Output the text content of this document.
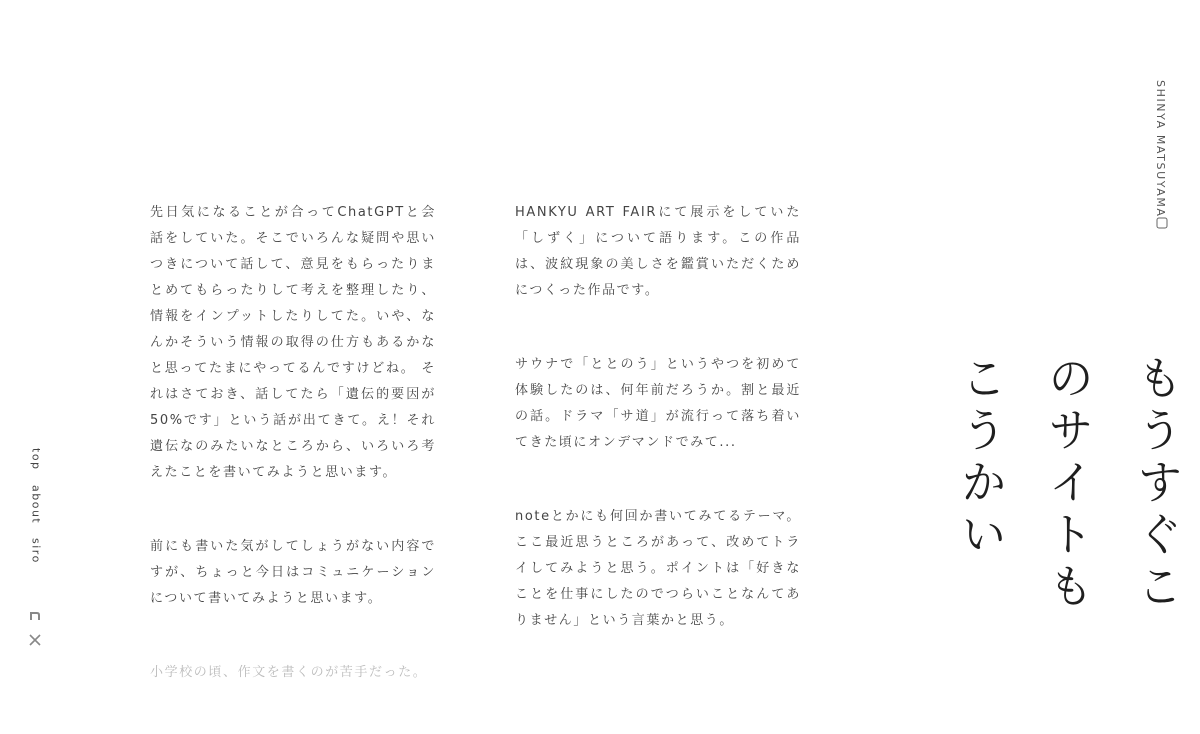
top
about
siro

先日気になることが合ってChatGPTと会話をしていた。そこでいろんな疑問や思いつきについて話して、意見をもらったりまとめてもらったりして考えを整理したり、情報をインプットしたりしてた。いや、なんかそういう情報の取得の仕方もあるかなと思ってたまにやってるんですけどね。 それはさておき、話してたら「遺伝的要因が50%です」という話が出てきて。え！それ遺伝なのみたいなところから、いろいろ考えたことを書いてみようと思います。

前にも書いた気がしてしょうがない内容ですが、ちょっと今日はコミュニケーションについて書いてみようと思います。

小学校の頃、作文を書くのが苦手だった。

HANKYU ART FAIRにて展示をしていた「しずく」について語ります。この作品は、波紋現象の美しさを鑑賞いただくためにつくった作品です。

サウナで「ととのう」というやつを初めて体験したのは、何年前だろうか。割と最近の話。ドラマ「サ道」が流行って落ち着いてきた頃にオンデマンドでみて...

noteとかにも何回か書いてみてるテーマ。ここ最近思うところがあって、改めてトライしてみようと思う。ポイントは「好きなことを仕事にしたのでつらいことなんてありません」という言葉かと思う。

SHINYA MATSUYAMA
もうすぐこ
のサイトも
こうかい
